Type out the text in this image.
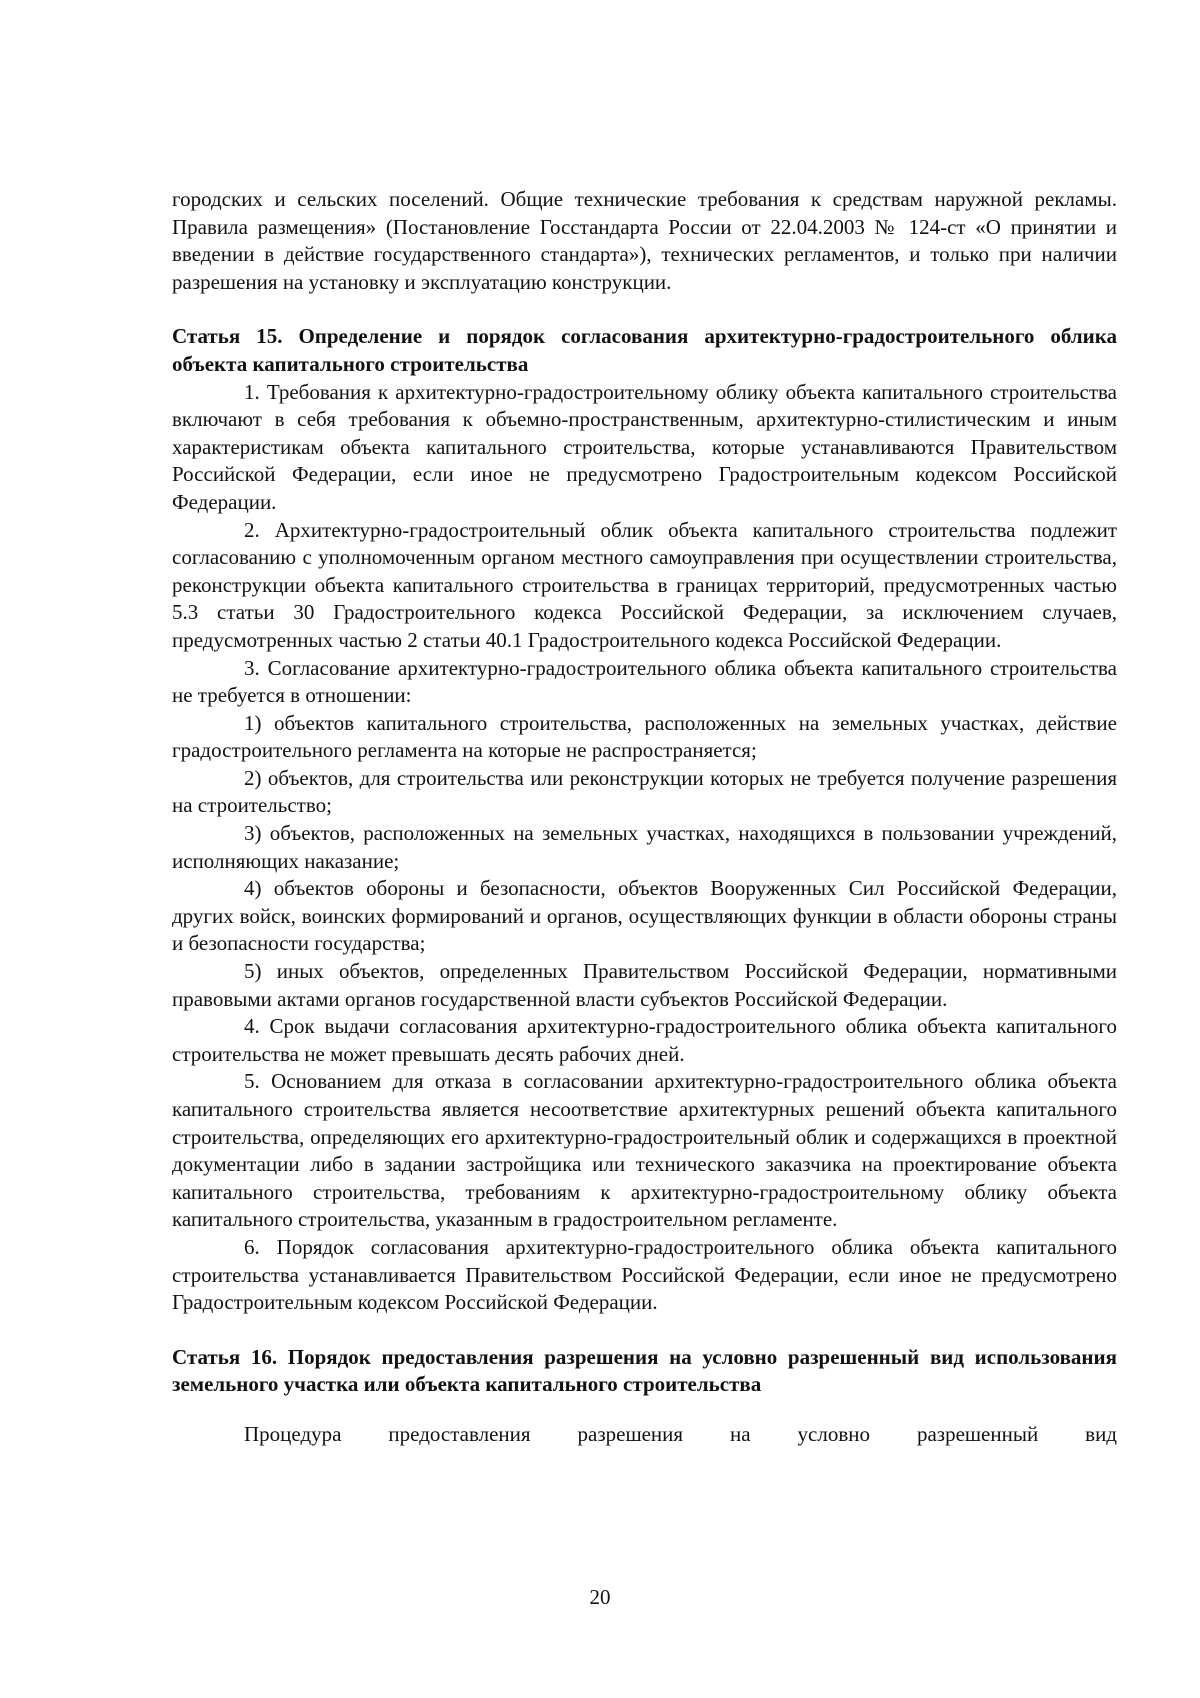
городских и сельских поселений. Общие технические требования к средствам наружной рекламы. Правила размещения» (Постановление Госстандарта России от 22.04.2003 № 124-ст «О принятии и введении в действие государственного стандарта»), технических регламентов, и только при наличии разрешения на установку и эксплуатацию конструкции.

Статья 15. Определение и порядок согласования архитектурно-градостроительного облика объекта капитального строительства

1. Требования к архитектурно-градостроительному облику объекта капитального строительства включают в себя требования к объемно-пространственным, архитектурно-стилистическим и иным характеристикам объекта капитального строительства, которые устанавливаются Правительством Российской Федерации, если иное не предусмотрено Градостроительным кодексом Российской Федерации.

2. Архитектурно-градостроительный облик объекта капитального строительства подлежит согласованию с уполномоченным органом местного самоуправления при осуществлении строительства, реконструкции объекта капитального строительства в границах территорий, предусмотренных частью 5.3 статьи 30 Градостроительного кодекса Российской Федерации, за исключением случаев, предусмотренных частью 2 статьи 40.1 Градостроительного кодекса Российской Федерации.

3. Согласование архитектурно-градостроительного облика объекта капитального строительства не требуется в отношении:

1) объектов капитального строительства, расположенных на земельных участках, действие градостроительного регламента на которые не распространяется;

2) объектов, для строительства или реконструкции которых не требуется получение разрешения на строительство;

3) объектов, расположенных на земельных участках, находящихся в пользовании учреждений, исполняющих наказание;

4) объектов обороны и безопасности, объектов Вооруженных Сил Российской Федерации, других войск, воинских формирований и органов, осуществляющих функции в области обороны страны и безопасности государства;

5) иных объектов, определенных Правительством Российской Федерации, нормативными правовыми актами органов государственной власти субъектов Российской Федерации.

4. Срок выдачи согласования архитектурно-градостроительного облика объекта капитального строительства не может превышать десять рабочих дней.

5. Основанием для отказа в согласовании архитектурно-градостроительного облика объекта капитального строительства является несоответствие архитектурных решений объекта капитального строительства, определяющих его архитектурно-градостроительный облик и содержащихся в проектной документации либо в задании застройщика или технического заказчика на проектирование объекта капитального строительства, требованиям к архитектурно-градостроительному облику объекта капитального строительства, указанным в градостроительном регламенте.

6. Порядок согласования архитектурно-градостроительного облика объекта капитального строительства устанавливается Правительством Российской Федерации, если иное не предусмотрено Градостроительным кодексом Российской Федерации.

Статья 16. Порядок предоставления разрешения на условно разрешенный вид использования земельного участка или объекта капитального строительства

Процедура предоставления разрешения на условно разрешенный вид

20
